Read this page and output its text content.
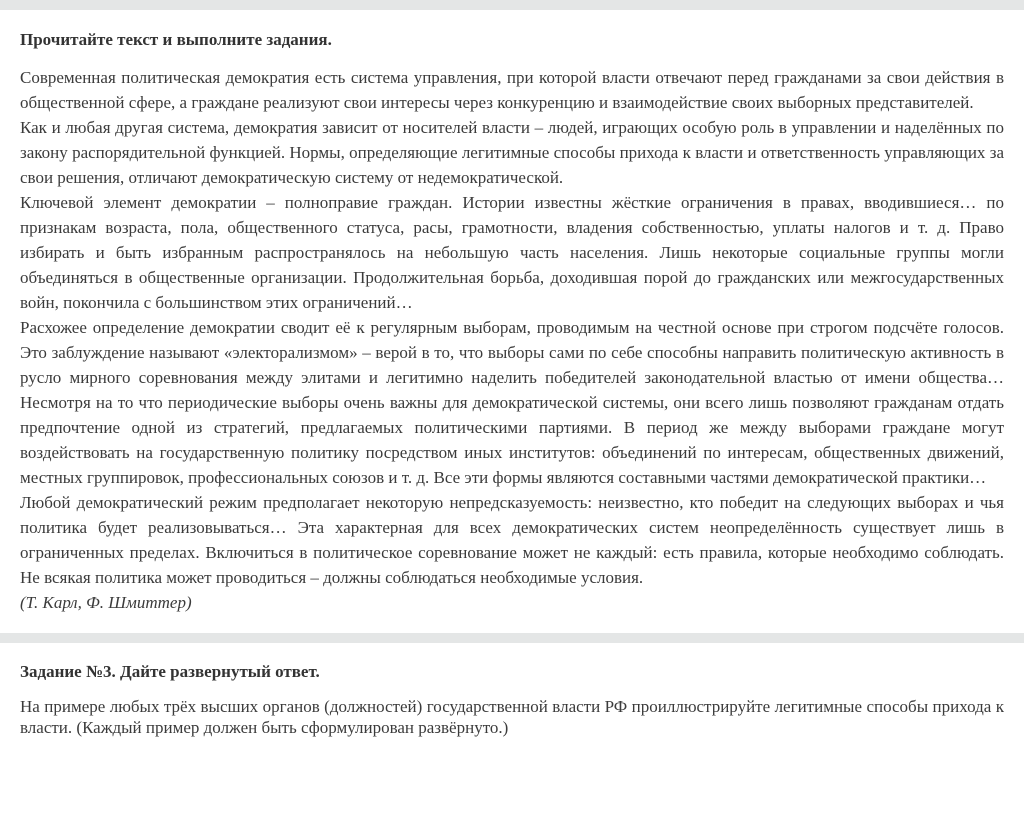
Прочитайте текст и выполните задания.

Современная политическая демократия есть система управления, при которой власти отвечают перед гражданами за свои действия в общественной сфере, а граждане реализуют свои интересы через конкуренцию и взаимодействие своих выборных представителей.

Как и любая другая система, демократия зависит от носителей власти – людей, играющих особую роль в управлении и наделённых по закону распорядительной функцией. Нормы, определяющие легитимные способы прихода к власти и ответственность управляющих за свои решения, отличают демократическую систему от недемократической.

Ключевой элемент демократии – полноправие граждан. Истории известны жёсткие ограничения в правах, вводившиеся… по признакам возраста, пола, общественного статуса, расы, грамотности, владения собственностью, уплаты налогов и т. д. Право избирать и быть избранным распространялось на небольшую часть населения. Лишь некоторые социальные группы могли объединяться в общественные организации. Продолжительная борьба, доходившая порой до гражданских или межгосударственных войн, покончила с большинством этих ограничений…

Расхожее определение демократии сводит её к регулярным выборам, проводимым на честной основе при строгом подсчёте голосов. Это заблуждение называют «электорализмом» – верой в то, что выборы сами по себе способны направить политическую активность в русло мирного соревнования между элитами и легитимно наделить победителей законодательной властью от имени общества… Несмотря на то что периодические выборы очень важны для демократической системы, они всего лишь позволяют гражданам отдать предпочтение одной из стратегий, предлагаемых политическими партиями. В период же между выборами граждане могут воздействовать на государственную политику посредством иных институтов: объединений по интересам, общественных движений, местных группировок, профессиональных союзов и т. д. Все эти формы являются составными частями демократической практики…

Любой демократический режим предполагает некоторую непредсказуемость: неизвестно, кто победит на следующих выборах и чья политика будет реализовываться… Эта характерная для всех демократических систем неопределённость существует лишь в ограниченных пределах. Включиться в политическое соревнование может не каждый: есть правила, которые необходимо соблюдать. Не всякая политика может проводиться – должны соблюдаться необходимые условия.

(Т. Карл, Ф. Шмиттер)

Задание №3. Дайте развернутый ответ.

На примере любых трёх высших органов (должностей) государственной власти РФ проиллюстрируйте легитимные способы прихода к власти. (Каждый пример должен быть сформулирован развёрнуто.)
